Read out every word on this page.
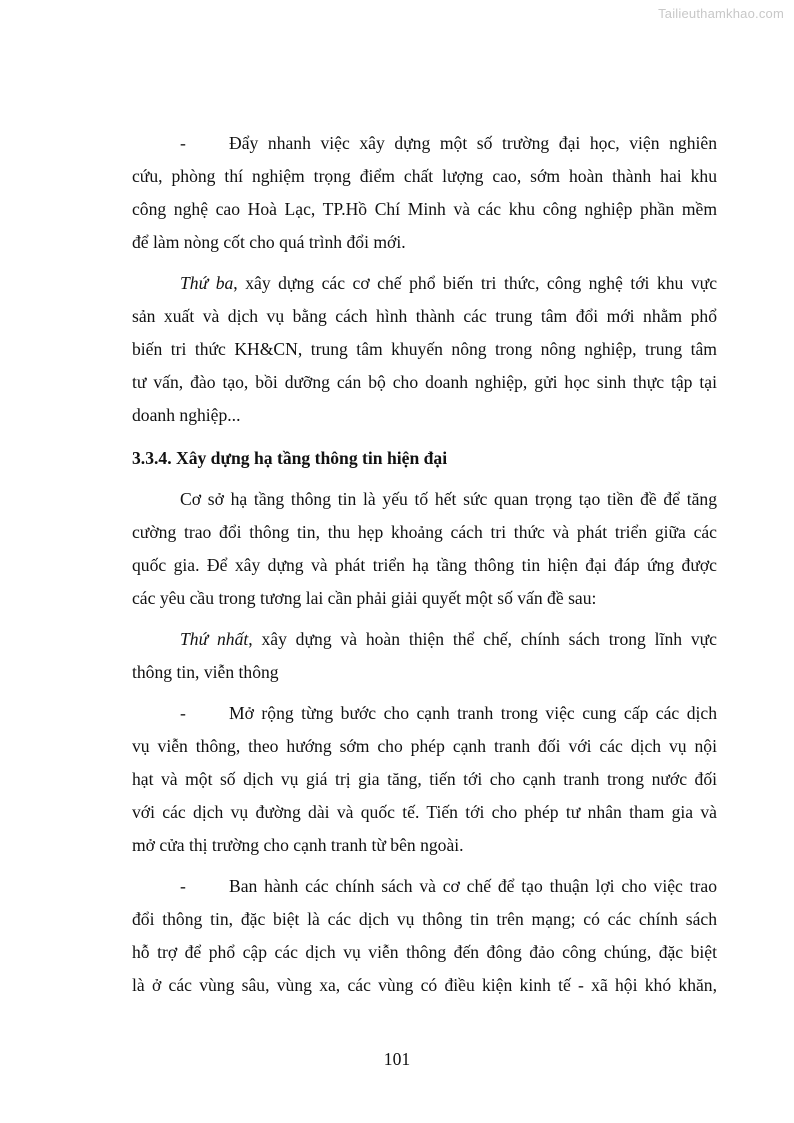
Tailieuthamkhao.com
-	Đẩy nhanh việc xây dựng một số trường đại học, viện nghiên
cứu, phòng thí nghiệm trọng điểm chất lượng cao, sớm hoàn thành hai khu
công nghệ cao Hoà Lạc, TP.Hồ Chí Minh và các khu công nghiệp phần mềm
để làm nòng cốt cho quá trình đổi mới.
Thứ ba, xây dựng các cơ chế phổ biến tri thức, công nghệ tới khu vực
sản xuất và dịch vụ bằng cách hình thành các trung tâm đổi mới nhằm phổ
biến tri thức KH&CN, trung tâm khuyến nông trong nông nghiệp, trung tâm
tư vấn, đào tạo, bồi dưỡng cán bộ cho doanh nghiệp, gửi học sinh thực tập tại
doanh nghiệp...
3.3.4. Xây dựng hạ tầng thông tin hiện đại
Cơ sở hạ tầng thông tin là yếu tố hết sức quan trọng tạo tiền đề để tăng
cường trao đổi thông tin, thu hẹp khoảng cách tri thức và phát triển giữa các
quốc gia. Để xây dựng và phát triển hạ tầng thông tin hiện đại đáp ứng được
các yêu cầu trong tương lai cần phải giải quyết một số vấn đề sau:
Thứ nhất, xây dựng và hoàn thiện thể chế, chính sách trong lĩnh vực
thông tin, viễn thông
-	Mở rộng từng bước cho cạnh tranh trong việc cung cấp các dịch
vụ viễn thông, theo hướng sớm cho phép cạnh tranh đối với các dịch vụ nội
hạt và một số dịch vụ giá trị gia tăng, tiến tới cho cạnh tranh trong nước đối
với các dịch vụ đường dài và quốc tế. Tiến tới cho phép tư nhân tham gia và
mở cửa thị trường cho cạnh tranh từ bên ngoài.
-	Ban hành các chính sách và cơ chế để tạo thuận lợi cho việc trao
đổi thông tin, đặc biệt là các dịch vụ thông tin trên mạng; có các chính sách
hỗ trợ để phổ cập các dịch vụ viễn thông đến đông đảo công chúng, đặc biệt
là ở các vùng sâu, vùng xa, các vùng có điều kiện kinh tế - xã hội khó khăn,
101
